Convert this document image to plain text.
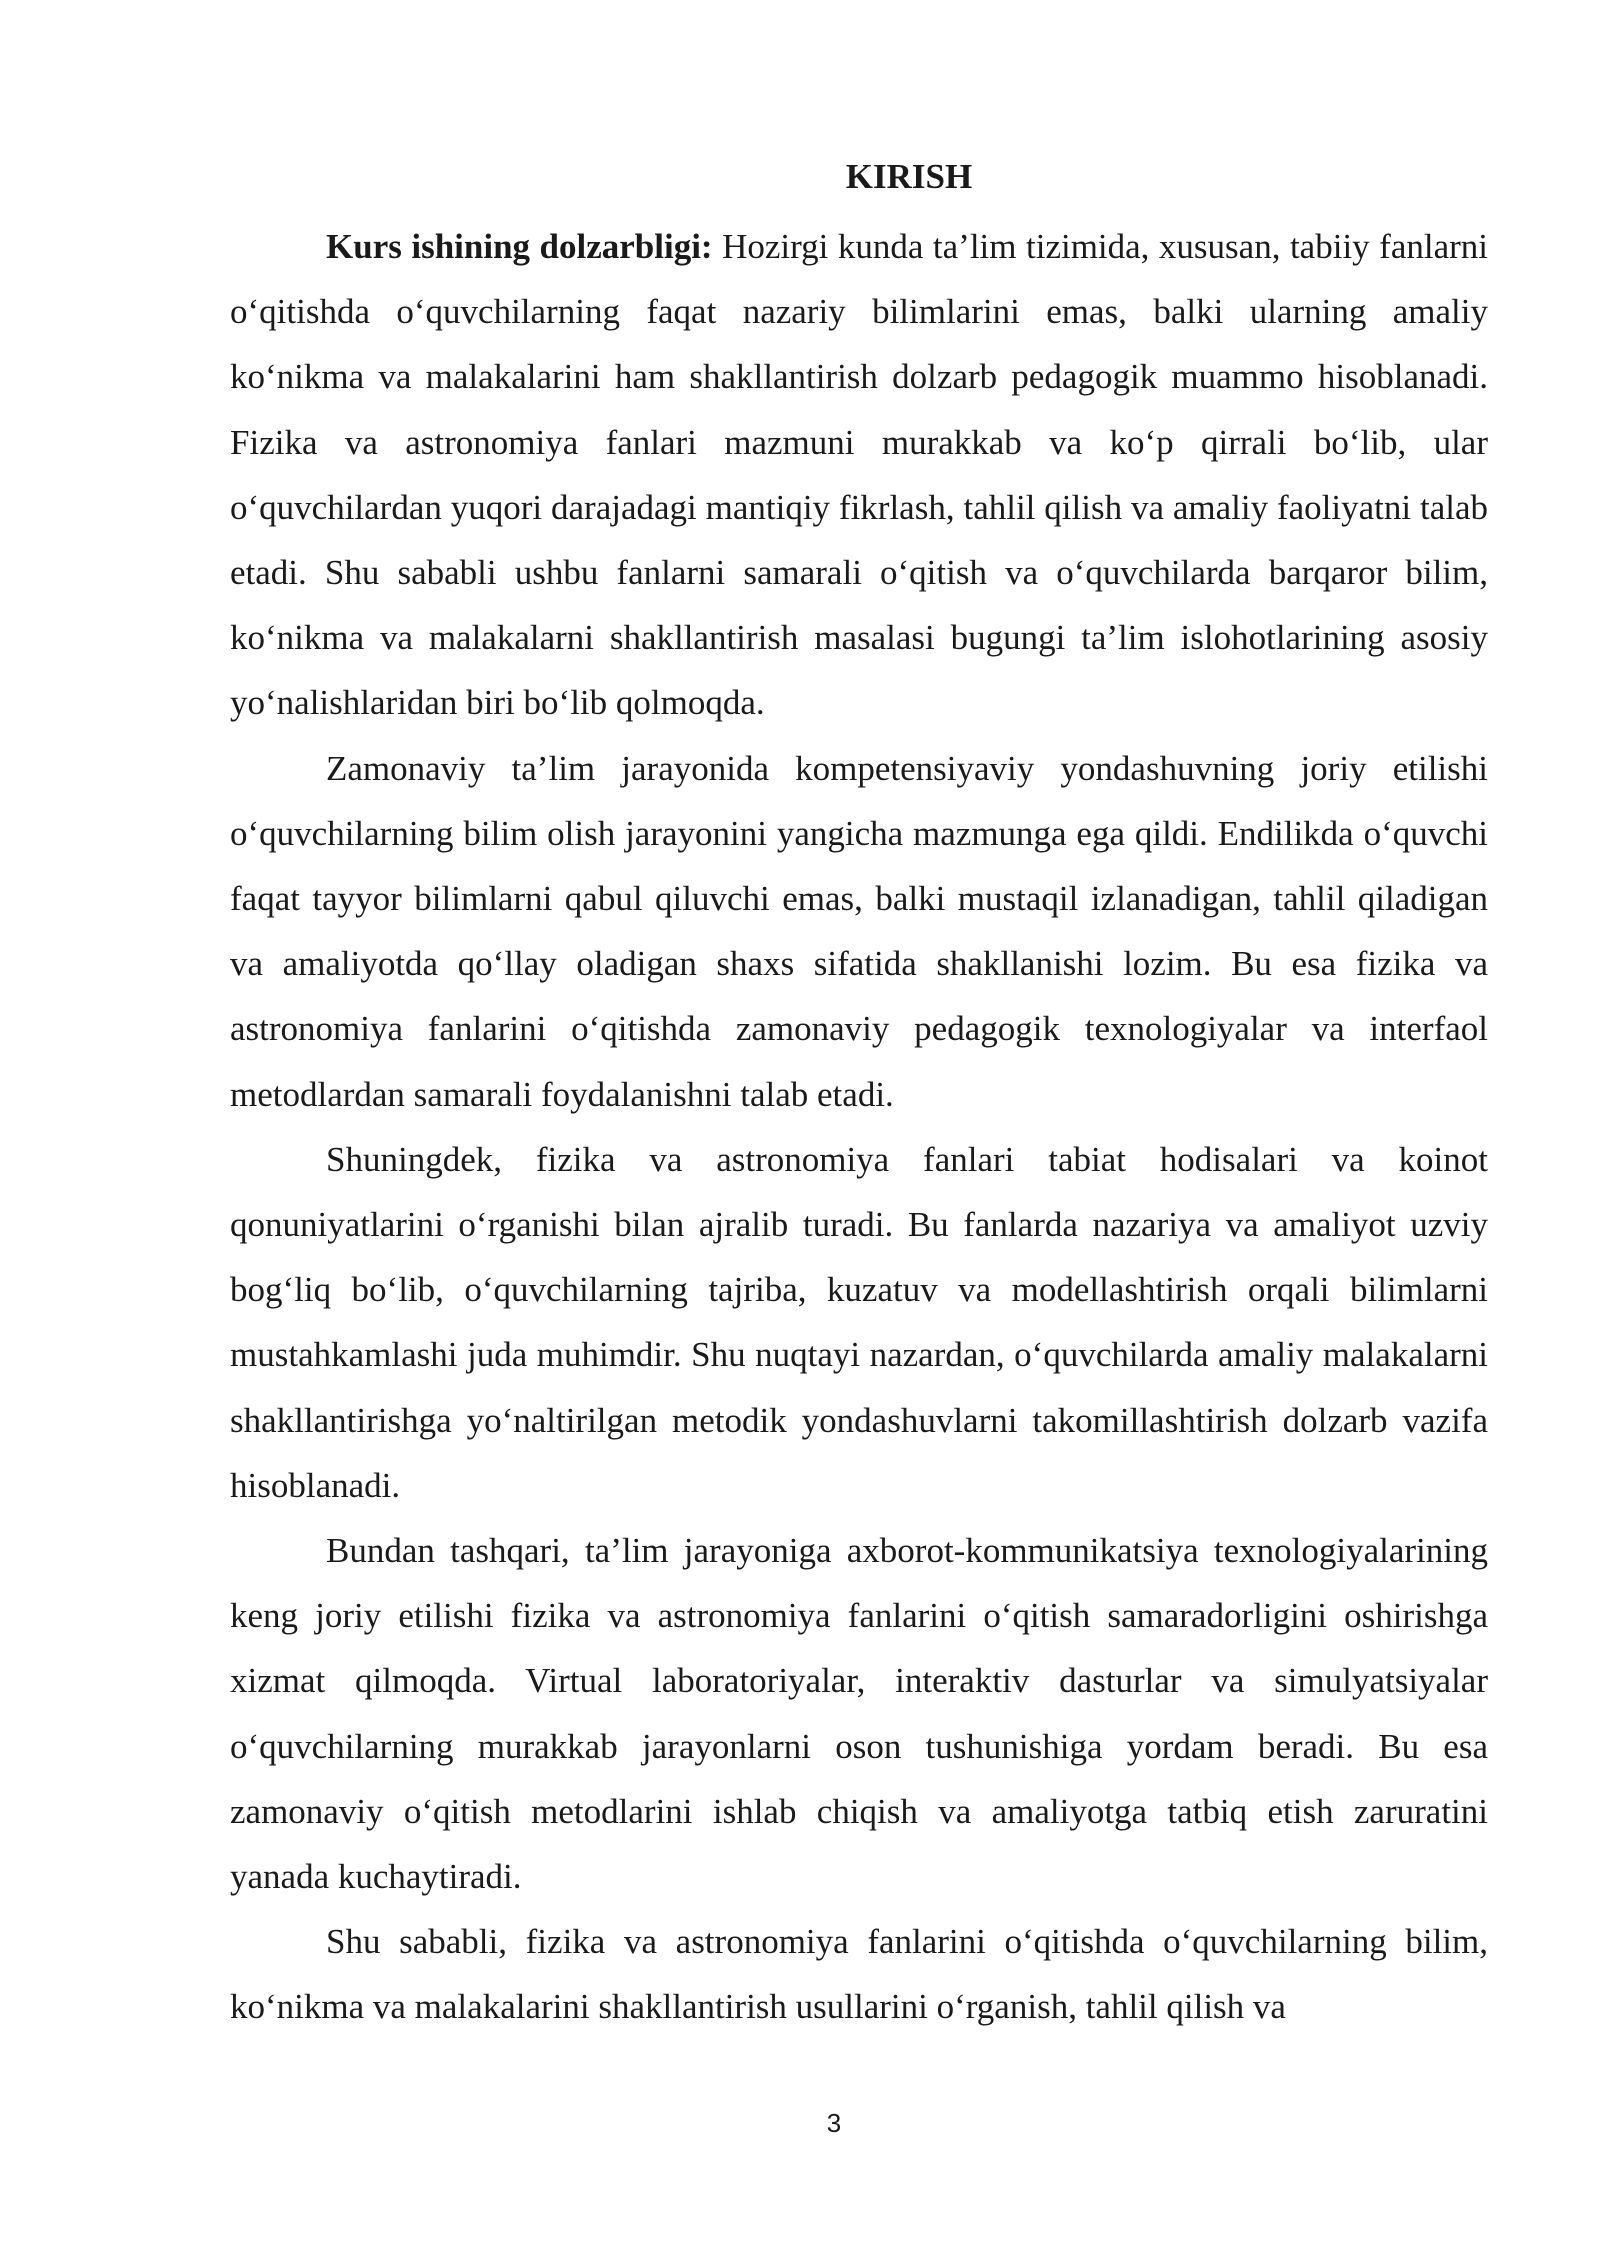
KIRISH

Kurs ishining dolzarbligi: Hozirgi kunda ta’lim tizimida, xususan, tabiiy fanlarni o‘qitishda o‘quvchilarning faqat nazariy bilimlarini emas, balki ularning amaliy ko‘nikma va malakalarini ham shakllantirish dolzarb pedagogik muammo hisoblanadi. Fizika va astronomiya fanlari mazmuni murakkab va ko‘p qirrali bo‘lib, ular o‘quvchilardan yuqori darajadagi mantiqiy fikrlash, tahlil qilish va amaliy faoliyatni talab etadi. Shu sababli ushbu fanlarni samarali o‘qitish va o‘quvchilarda barqaror bilim, ko‘nikma va malakalarni shakllantirish masalasi bugungi ta’lim islohotlarining asosiy yo‘nalishlaridan biri bo‘lib qolmoqda.

Zamonaviy ta’lim jarayonida kompetensiyaviy yondashuvning joriy etilishi o‘quvchilarning bilim olish jarayonini yangicha mazmunga ega qildi. Endilikda o‘quvchi faqat tayyor bilimlarni qabul qiluvchi emas, balki mustaqil izlanadigan, tahlil qiladigan va amaliyotda qo‘llay oladigan shaxs sifatida shakllanishi lozim. Bu esa fizika va astronomiya fanlarini o‘qitishda zamonaviy pedagogik texnologiyalar va interfaol metodlardan samarali foydalanishni talab etadi.

Shuningdek, fizika va astronomiya fanlari tabiat hodisalari va koinot qonuniyatlarini o‘rganishi bilan ajralib turadi. Bu fanlarda nazariya va amaliyot uzviy bog‘liq bo‘lib, o‘quvchilarning tajriba, kuzatuv va modellashtirish orqali bilimlarni mustahkamlashi juda muhimdir. Shu nuqtayi nazardan, o‘quvchilarda amaliy malakalarni shakllantirishga yo‘naltirilgan metodik yondashuvlarni takomillashtirish dolzarb vazifa hisoblanadi.

Bundan tashqari, ta’lim jarayoniga axborot-kommunikatsiya texnologiyalarining keng joriy etilishi fizika va astronomiya fanlarini o‘qitish samaradorligini oshirishga xizmat qilmoqda. Virtual laboratoriyalar, interaktiv dasturlar va simulyatsiyalar o‘quvchilarning murakkab jarayonlarni oson tushunishiga yordam beradi. Bu esa zamonaviy o‘qitish metodlarini ishlab chiqish va amaliyotga tatbiq etish zaruratini yanada kuchaytiradi.

Shu sababli, fizika va astronomiya fanlarini o‘qitishda o‘quvchilarning bilim, ko‘nikma va malakalarini shakllantirish usullarini o‘rganish, tahlil qilish va

3
